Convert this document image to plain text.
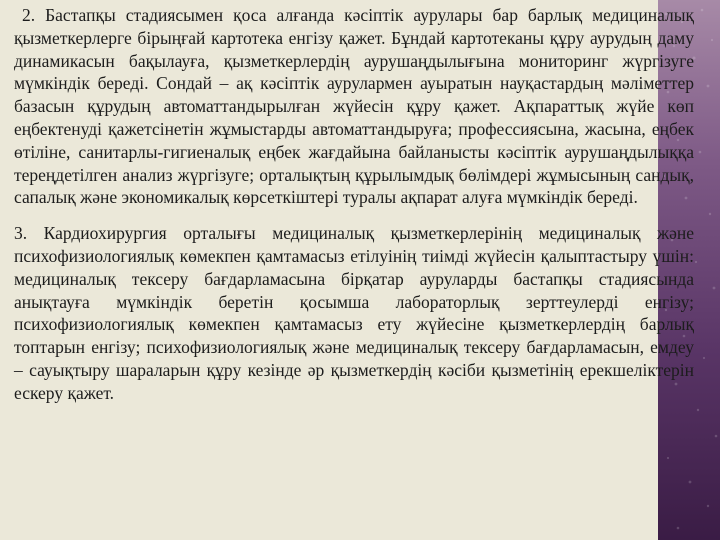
2. Бастапқы стадиясымен қоса алғанда кәсіптік аурулары бар барлық медициналық қызметкерлерге бірыңғай картотека енгізу қажет. Бұндай картотеканы құру аурудың даму динамикасын бақылауға, қызметкерлердің аурушаңдылығына мониторинг жүргізуге мүмкіндік береді. Сондай – ақ кәсіптік аурулармен ауыратын науқастардың мәліметтер базасын құрудың автоматтандырылған жүйесін құру қажет. Ақпараттық жүйе көп еңбектенуді қажетсінетін жұмыстарды автоматтандыруға; профессиясына, жасына, еңбек өтіліне, санитарлы-гигиеналық еңбек жағдайына байланысты кәсіптік аурушаңдылыққа тереңдетілген анализ жүргізуге; орталықтың құрылымдық бөлімдері жұмысының сандық, сапалық және экономикалық көрсеткіштері туралы ақпарат алуға мүмкіндік береді.

3. Кардиохирургия орталығы медициналық қызметкерлерінің медициналық және психофизиологиялық көмекпен қамтамасыз етілуінің тиімді жүйесін қалыптастыру үшін: медициналық тексеру бағдарламасына бірқатар ауруларды бастапқы стадиясында анықтауға мүмкіндік беретін қосымша лабораторлық зерттеулерді енгізу; психофизиологиялық көмекпен қамтамасыз ету жүйесіне қызметкерлердің барлық топтарын енгізу; психофизиологиялық және медициналық тексеру бағдарламасын, емдеу – сауықтыру шараларын құру кезінде әр қызметкердің кәсіби қызметінің ерекшеліктерін ескеру қажет.
